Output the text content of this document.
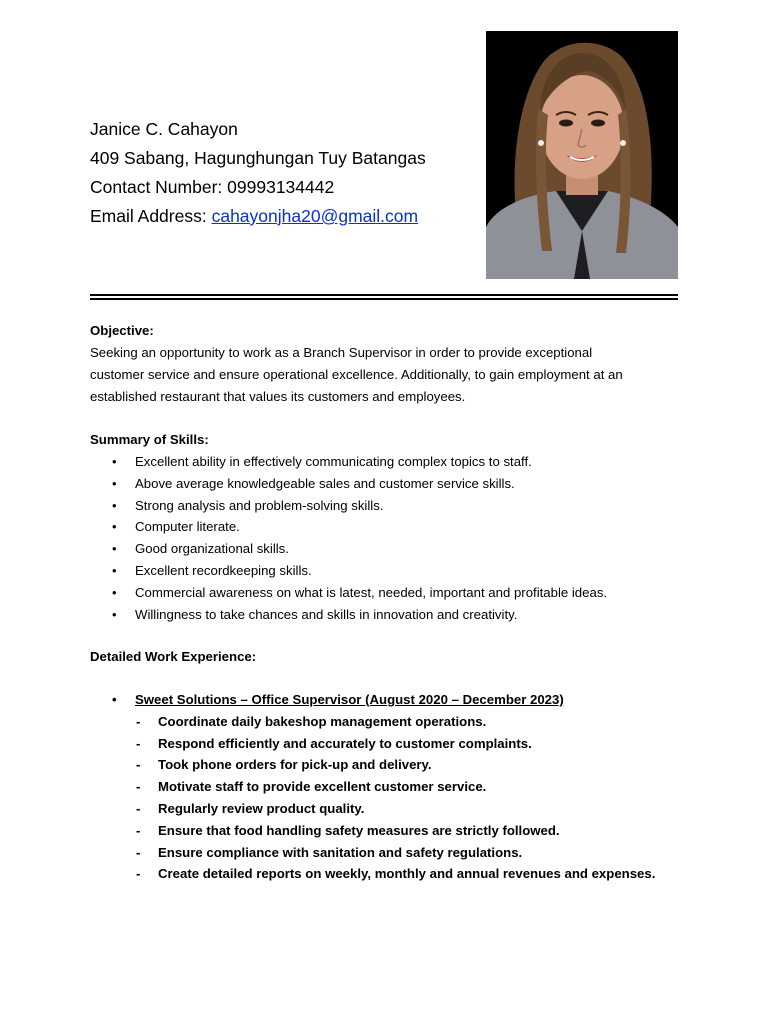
Janice C. Cahayon
409 Sabang, Hagunghungan Tuy Batangas
Contact Number: 09993134442
Email Address: cahayonjha20@gmail.com
Objective:
Seeking an opportunity to work as a Branch Supervisor in order to provide exceptional
customer service and ensure operational excellence. Additionally, to gain employment at an
established restaurant that values its customers and employees.
Summary of Skills:
• Excellent ability in effectively communicating complex topics to staff.
• Above average knowledgeable sales and customer service skills.
• Strong analysis and problem-solving skills.
• Computer literate.
• Good organizational skills.
• Excellent recordkeeping skills.
• Commercial awareness on what is latest, needed, important and profitable ideas.
• Willingness to take chances and skills in innovation and creativity.
Detailed Work Experience:
• Sweet Solutions – Office Supervisor (August 2020 – December 2023)
- Coordinate daily bakeshop management operations.
- Respond efficiently and accurately to customer complaints.
- Took phone orders for pick-up and delivery.
- Motivate staff to provide excellent customer service.
- Regularly review product quality.
- Ensure that food handling safety measures are strictly followed.
- Ensure compliance with sanitation and safety regulations.
- Create detailed reports on weekly, monthly and annual revenues and expenses.
